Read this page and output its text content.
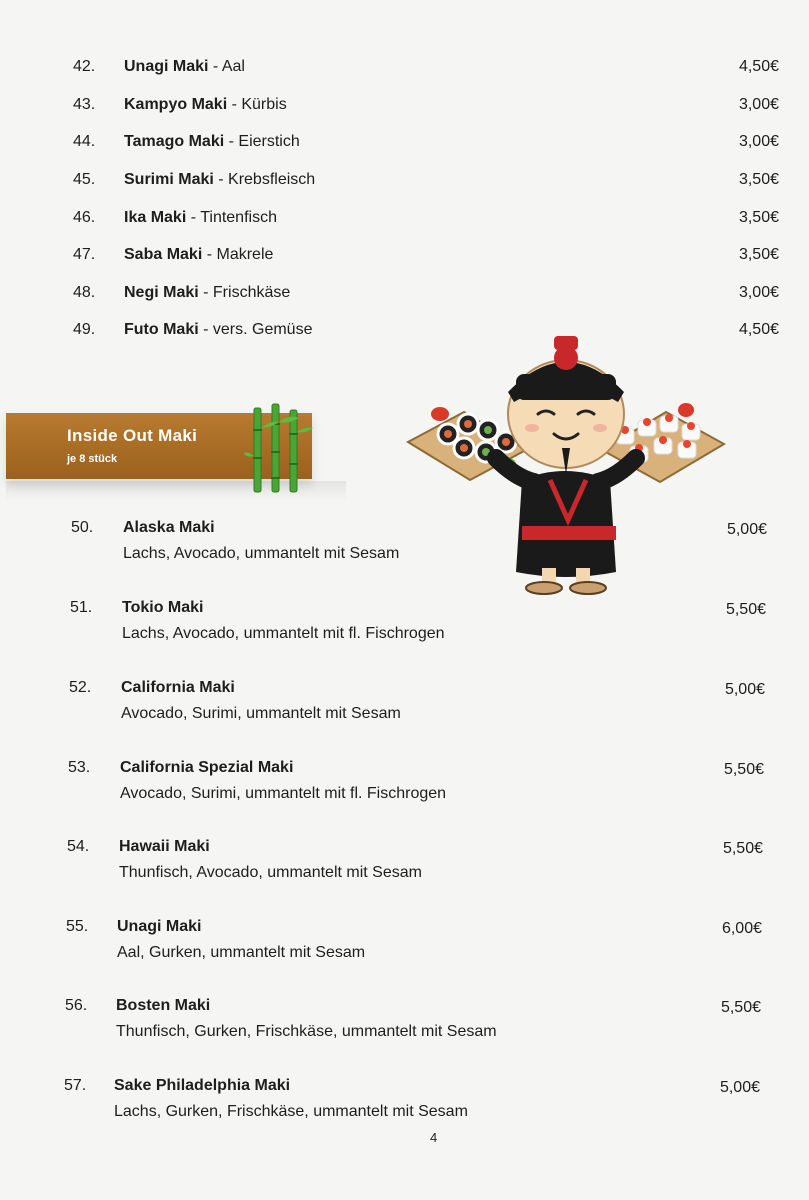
42. Unagi Maki - Aal	4,50€
43. Kampyo Maki - Kürbis	3,00€
44. Tamago Maki - Eierstich	3,00€
45. Surimi Maki - Krebsfleisch	3,50€
46. Ika Maki - Tintenfisch	3,50€
47. Saba Maki - Makrele	3,50€
48. Negi Maki - Frischkäse	3,00€
49. Futo Maki - vers. Gemüse	4,50€
Inside Out Maki
je 8 stück
50. Alaska Maki
Lachs, Avocado, ummantelt mit Sesam
5,00€
51. Tokio Maki
Lachs, Avocado, ummantelt mit fl. Fischrogen
5,50€
52. California Maki
Avocado, Surimi, ummantelt mit Sesam
5,00€
53. California Spezial Maki
Avocado, Surimi, ummantelt mit fl. Fischrogen
5,50€
54. Hawaii Maki
Thunfisch, Avocado, ummantelt mit Sesam
5,50€
55. Unagi Maki
Aal, Gurken, ummantelt mit Sesam
6,00€
56. Bosten Maki
Thunfisch, Gurken, Frischkäse, ummantelt mit Sesam
5,50€
57. Sake Philadelphia Maki
Lachs, Gurken, Frischkäse, ummantelt mit Sesam
5,00€
4
